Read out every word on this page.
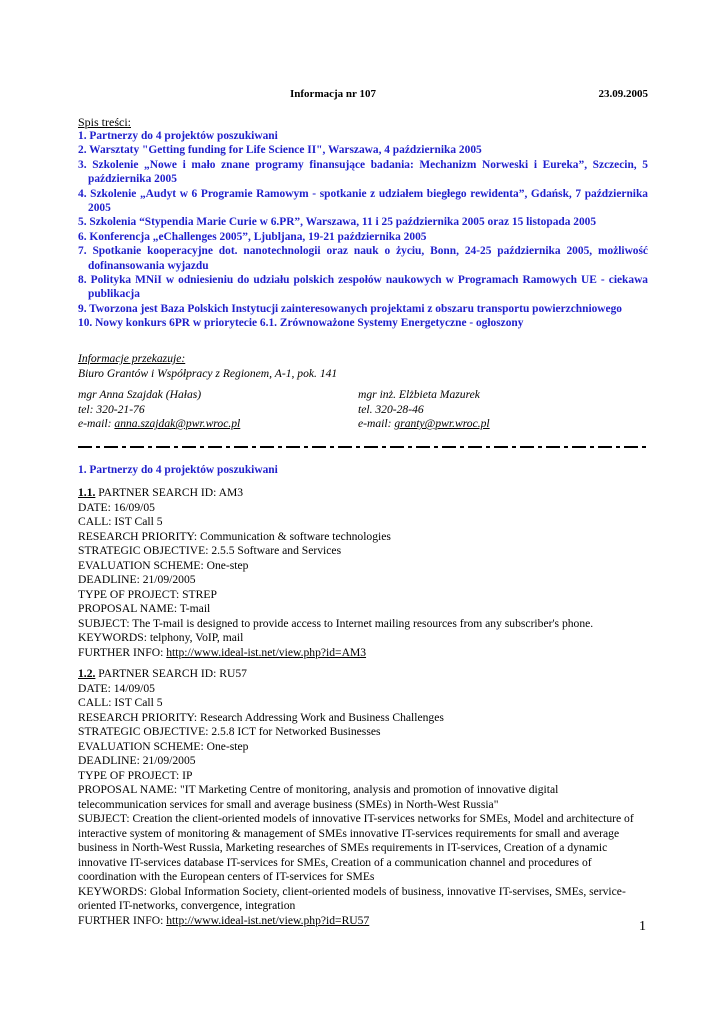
Informacja nr 107	23.09.2005
Spis treści:
1. Partnerzy do 4 projektów poszukiwani
2. Warsztaty "Getting funding for Life Science II", Warszawa, 4 października 2005
3. Szkolenie „Nowe i mało znane programy finansujące badania: Mechanizm Norweski i Eureka”, Szczecin, 5 października 2005
4. Szkolenie „Audyt w 6 Programie Ramowym - spotkanie z udziałem biegłego rewidenta”, Gdańsk, 7 października 2005
5. Szkolenia “Stypendia Marie Curie w 6.PR”, Warszawa, 11 i 25 października 2005 oraz 15 listopada 2005
6. Konferencja „eChallenges 2005”, Ljubljana, 19-21 października 2005
7. Spotkanie kooperacyjne dot. nanotechnologii oraz nauk o życiu, Bonn, 24-25 października 2005, możliwość dofinansowania wyjazdu
8. Polityka MNiI w odniesieniu do udziału polskich zespołów naukowych w Programach Ramowych UE - ciekawa publikacja
9. Tworzona jest Baza Polskich Instytucji zainteresowanych projektami z obszaru transportu powierzchniowego
10. Nowy konkurs 6PR w priorytecie 6.1. Zrównoważone Systemy Energetyczne - ogłoszony
Informacje przekazuje:
Biuro Grantów i Współpracy z Regionem, A-1, pok. 141
mgr Anna Szajdak (Hałas)
tel: 320-21-76
e-mail: anna.szajdak@pwr.wroc.pl
mgr inż. Elżbieta Mazurek
tel. 320-28-46
e-mail: granty@pwr.wroc.pl
1. Partnerzy do 4 projektów poszukiwani
1.1. PARTNER SEARCH ID: AM3
DATE: 16/09/05
CALL: IST Call 5
RESEARCH PRIORITY: Communication & software technologies
STRATEGIC OBJECTIVE: 2.5.5 Software and Services
EVALUATION SCHEME: One-step
DEADLINE: 21/09/2005
TYPE OF PROJECT: STREP
PROPOSAL NAME: T-mail
SUBJECT: The T-mail is designed to provide access to Internet mailing resources from any subscriber's phone.
KEYWORDS: telphony, VoIP, mail
FURTHER INFO: http://www.ideal-ist.net/view.php?id=AM3
1.2. PARTNER SEARCH ID: RU57
DATE: 14/09/05
CALL: IST Call 5
RESEARCH PRIORITY: Research Addressing Work and Business Challenges
STRATEGIC OBJECTIVE: 2.5.8 ICT for Networked Businesses
EVALUATION SCHEME: One-step
DEADLINE: 21/09/2005
TYPE OF PROJECT: IP
PROPOSAL NAME: "IT Marketing Centre of monitoring, analysis and promotion of innovative digital telecommunication services for small and average business (SMEs) in North-West Russia"
SUBJECT: Creation the client-oriented models of innovative IT-services networks for SMEs, Model and architecture of interactive system of monitoring & management of SMEs innovative IT-services requirements for small and average business in North-West Russia, Marketing researches of SMEs requirements in IT-services, Creation of a dynamic innovative IT-services database IT-services for SMEs, Creation of a communication channel and procedures of coordination with the European centers of IT-services for SMEs
KEYWORDS: Global Information Society, client-oriented models of business, innovative IT-servises, SMEs, service-oriented IT-networks, convergence, integration
FURTHER INFO: http://www.ideal-ist.net/view.php?id=RU57	1
